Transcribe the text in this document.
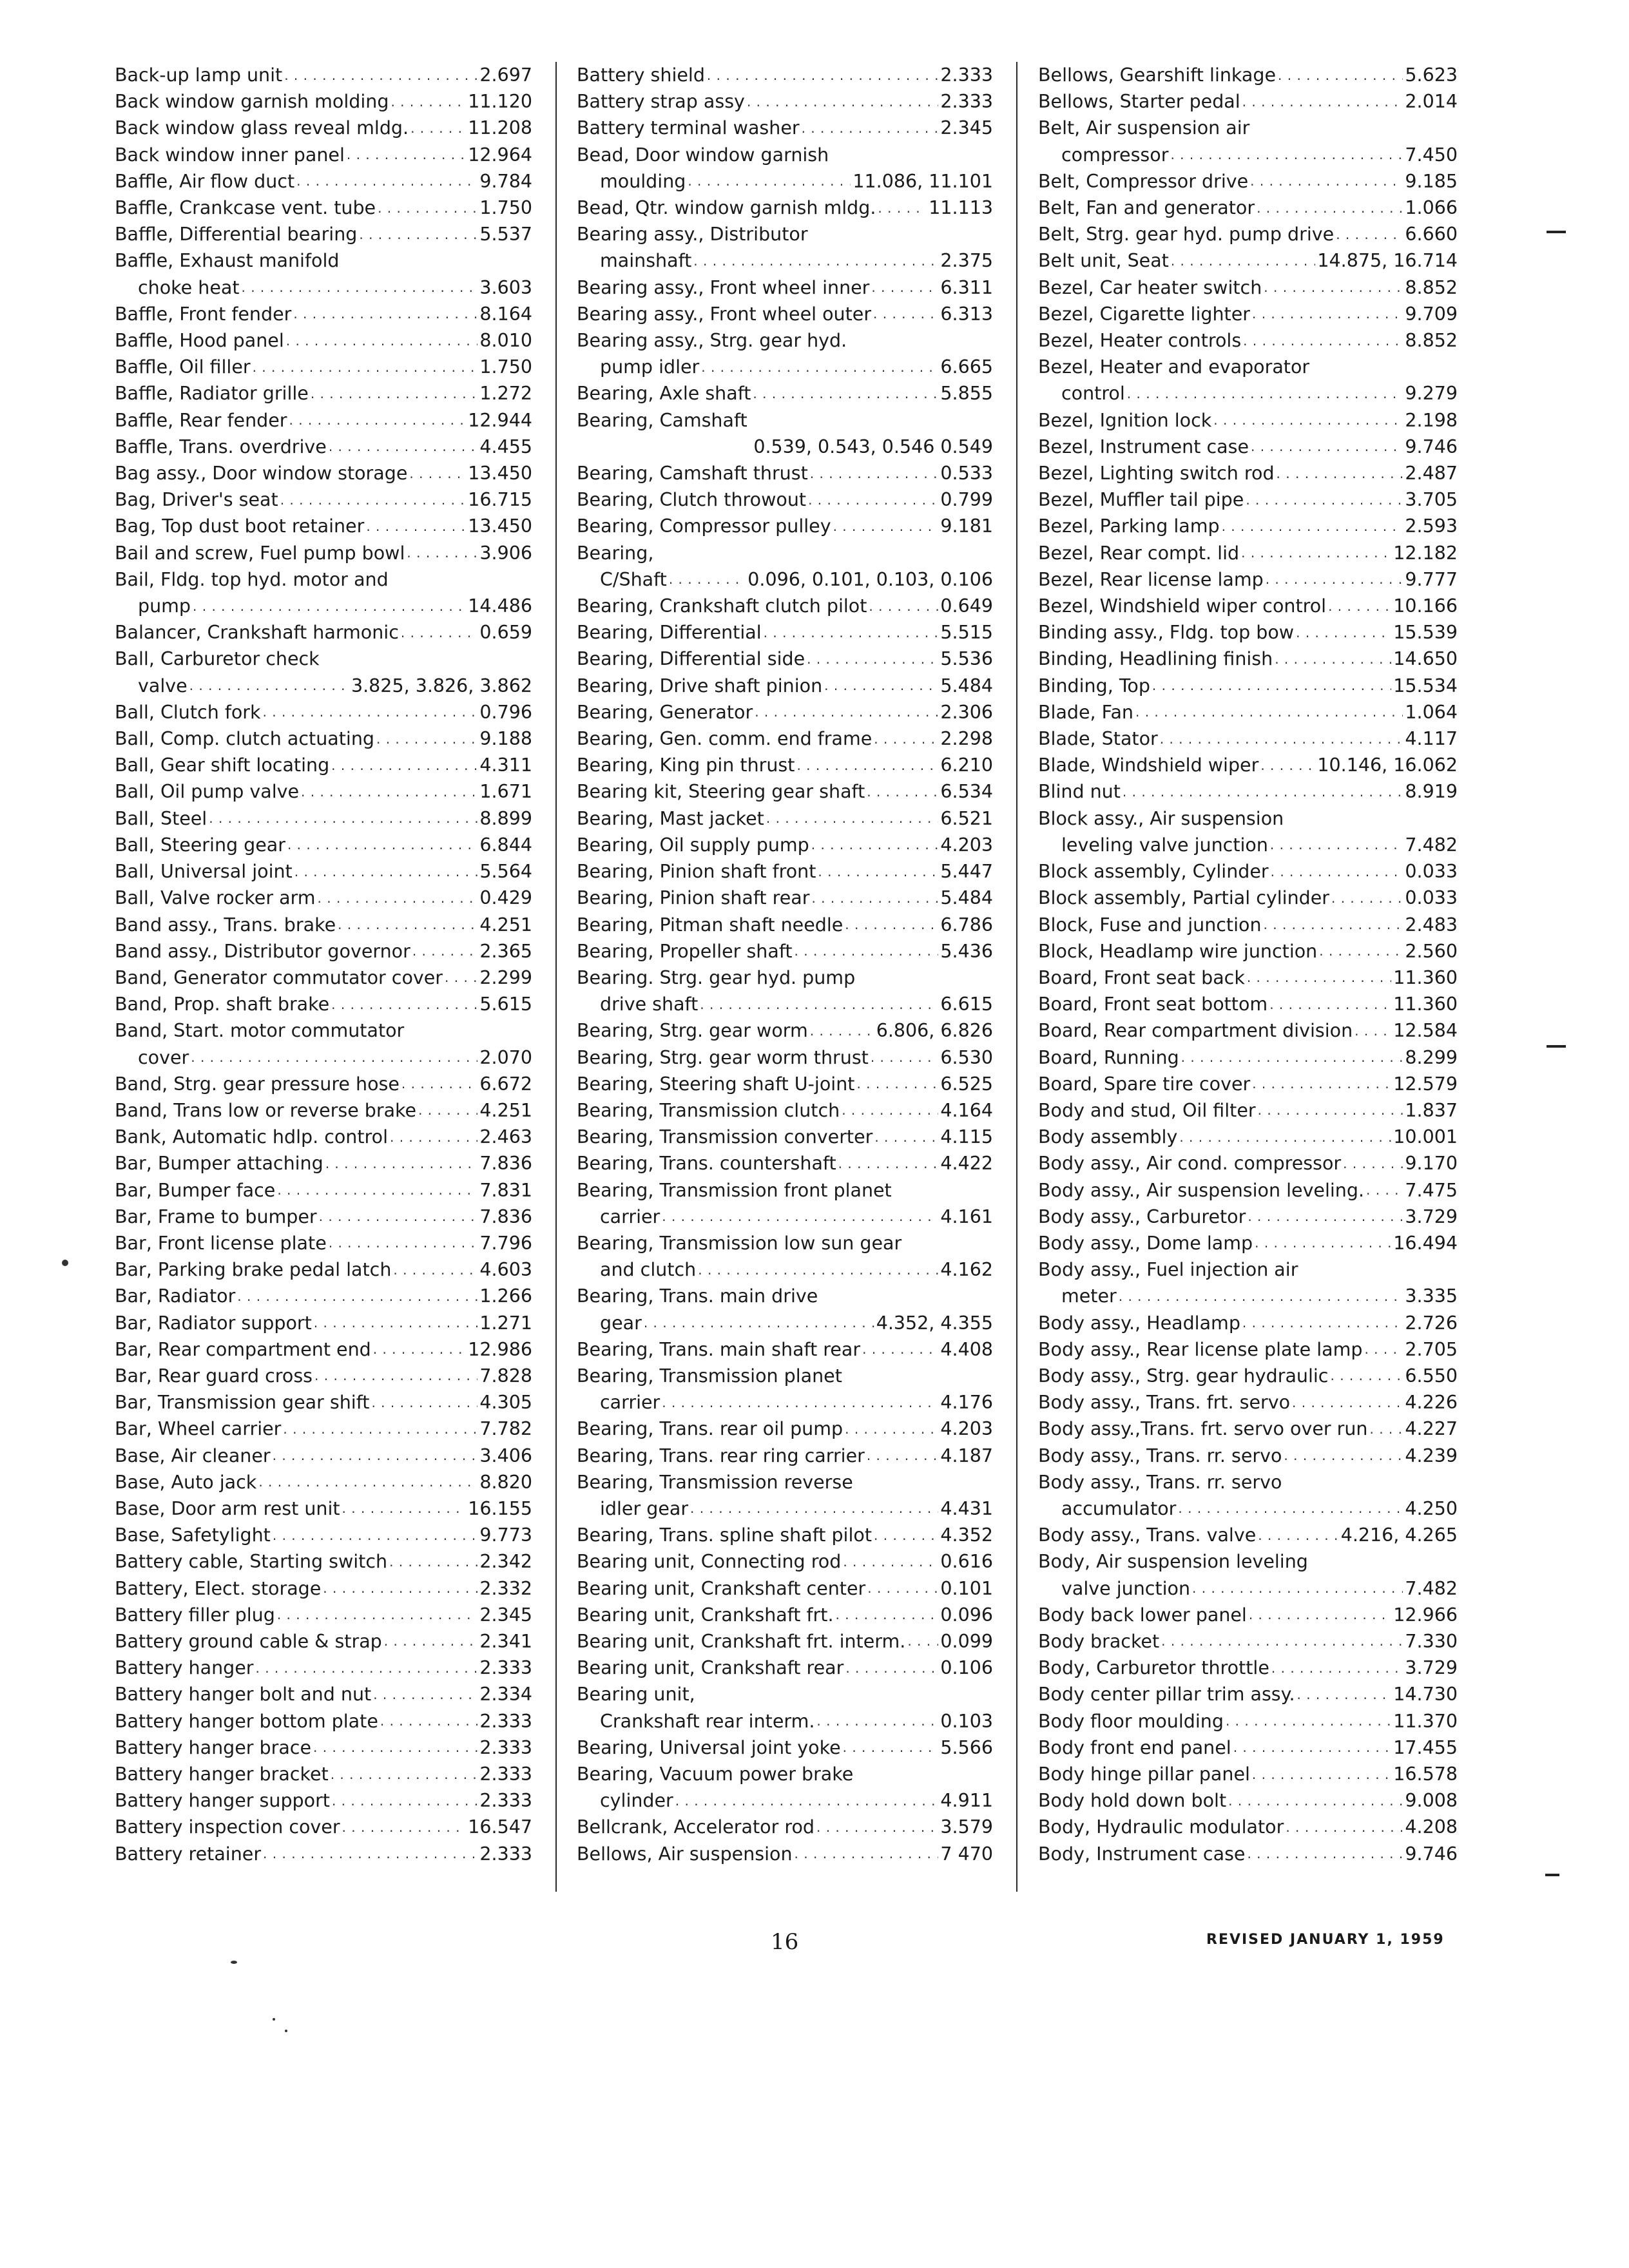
Back-up lamp unit . . .	2.697
Back window garnish molding . . .	11.120
Back window glass reveal mldg. . . .	11.208
Back window inner panel . . .	12.964
Baffle, Air flow duct . . .	9.784
Baffle, Crankcase vent. tube . . .	1.750
Baffle, Differential bearing . . .	5.537
Baffle, Exhaust manifold
choke heat . . .	3.603
Baffle, Front fender . . .	8.164
Baffle, Hood panel . . .	8.010
Baffle, Oil filler . . .	1.750
Baffle, Radiator grille . . .	1.272
Baffle, Rear fender . . .	12.944
Baffle, Trans. overdrive . . .	4.455
Bag assy., Door window storage . . .	13.450
Bag, Driver's seat . . .	16.715
Bag, Top dust boot retainer . . .	13.450
Bail and screw, Fuel pump bowl . . .	3.906
Bail, Fldg. top hyd. motor and
pump . . .	14.486
Balancer, Crankshaft harmonic . . .	0.659
Ball, Carburetor check
valve . . .	3.825, 3.826, 3.862
Ball, Clutch fork . . .	0.796
Ball, Comp. clutch actuating . . .	9.188
Ball, Gear shift locating . . .	4.311
Ball, Oil pump valve . . .	1.671
Ball, Steel . . .	8.899
Ball, Steering gear . . .	6.844
Ball, Universal joint . . .	5.564
Ball, Valve rocker arm . . .	0.429
Band assy., Trans. brake . . .	4.251
Band assy., Distributor governor . . .	2.365
Band, Generator commutator cover . . . 2.299
Band, Prop. shaft brake . . .	5.615
Band, Start. motor commutator
cover . . .	2.070
Band, Strg. gear pressure hose . . .	6.672
Band, Trans low or reverse brake . . .	4.251
Bank, Automatic hdlp. control . . .	2.463
Bar, Bumper attaching . . .	7.836
Bar, Bumper face . . .	7.831
Bar, Frame to bumper . . .	7.836
Bar, Front license plate . . .	7.796
Bar, Parking brake pedal latch . . .	4.603
Bar, Radiator . . .	1.266
Bar, Radiator support . . .	1.271
Bar, Rear compartment end . . .	12.986
Bar, Rear guard cross . . .	7.828
Bar, Transmission gear shift . . .	4.305
Bar, Wheel carrier . . .	7.782
Base, Air cleaner . . .	3.406
Base, Auto jack . . .	8.820
Base, Door arm rest unit . . .	16.155
Base, Safetylight . . .	9.773
Battery cable, Starting switch . . .	2.342
Battery, Elect. storage . . .	2.332
Battery filler plug . . .	2.345
Battery ground cable & strap . . .	2.341
Battery hanger . . .	2.333
Battery hanger bolt and nut . . .	2.334
Battery hanger bottom plate . . .	2.333
Battery hanger brace . . .	2.333
Battery hanger bracket . . .	2.333
Battery hanger support . . .	2.333
Battery inspection cover . . .	16.547
Battery retainer . . .	2.333
Battery shield . . .	2.333
Battery strap assy . . .	2.333
Battery terminal washer . . .	2.345
Bead, Door window garnish
moulding . . .	11.086, 11.101
Bead, Qtr. window garnish mldg. . . .	11.113
Bearing assy., Distributor
mainshaft . . .	2.375
Bearing assy., Front wheel inner . . .	6.311
Bearing assy., Front wheel outer . . .	6.313
Bearing assy., Strg. gear hyd.
pump idler . . .	6.665
Bearing, Axle shaft . . .	5.855
Bearing, Camshaft
0.539, 0.543, 0.546 0.549
Bearing, Camshaft thrust . . .	0.533
Bearing, Clutch throwout . . .	0.799
Bearing, Compressor pulley . . .	9.181
Bearing,
C/Shaft . . .	0.096, 0.101, 0.103, 0.106
Bearing, Crankshaft clutch pilot . . .	0.649
Bearing, Differential . . .	5.515
Bearing, Differential side . . .	5.536
Bearing, Drive shaft pinion . . .	5.484
Bearing, Generator . . .	2.306
Bearing, Gen. comm. end frame . . .	2.298
Bearing, King pin thrust . . .	6.210
Bearing kit, Steering gear shaft . . .	6.534
Bearing, Mast jacket . . .	6.521
Bearing, Oil supply pump . . .	4.203
Bearing, Pinion shaft front . . .	5.447
Bearing, Pinion shaft rear . . .	5.484
Bearing, Pitman shaft needle . . .	6.786
Bearing, Propeller shaft . . .	5.436
Bearing. Strg. gear hyd. pump
drive shaft . . .	6.615
Bearing, Strg. gear worm . . .	6.806, 6.826
Bearing, Strg. gear worm thrust . . .	6.530
Bearing, Steering shaft U-joint . . .	6.525
Bearing, Transmission clutch . . .	4.164
Bearing, Transmission converter . . .	4.115
Bearing, Trans. countershaft . . .	4.422
Bearing, Transmission front planet
carrier . . .	4.161
Bearing, Transmission low sun gear
and clutch . . .	4.162
Bearing, Trans. main drive
gear . . .	4.352, 4.355
Bearing, Trans. main shaft rear . . .	4.408
Bearing, Transmission planet
carrier . . .	4.176
Bearing, Trans. rear oil pump . . .	4.203
Bearing, Trans. rear ring carrier . . .	4.187
Bearing, Transmission reverse
idler gear . . .	4.431
Bearing, Trans. spline shaft pilot . . .	4.352
Bearing unit, Connecting rod . . .	0.616
Bearing unit, Crankshaft center . . .	0.101
Bearing unit, Crankshaft frt. . . .	0.096
Bearing unit, Crankshaft frt. interm. . . . 0.099
Bearing unit, Crankshaft rear . . .	0.106
Bearing unit,
Crankshaft rear interm. . . .	0.103
Bearing, Universal joint yoke . . .	5.566
Bearing, Vacuum power brake
cylinder . . .	4.911
Bellcrank, Accelerator rod . . .	3.579
Bellows, Air suspension . . .	7 470
Bellows, Gearshift linkage . . .	5.623
Bellows, Starter pedal . . .	2.014
Belt, Air suspension air
compressor . . .	7.450
Belt, Compressor drive . . .	9.185
Belt, Fan and generator . . .	1.066
Belt, Strg. gear hyd. pump drive . . .	6.660
Belt unit, Seat . . .	14.875, 16.714
Bezel, Car heater switch . . .	8.852
Bezel, Cigarette lighter . . .	9.709
Bezel, Heater controls . . .	8.852
Bezel, Heater and evaporator
control . . .	9.279
Bezel, Ignition lock . . .	2.198
Bezel, Instrument case . . .	9.746
Bezel, Lighting switch rod . . .	2.487
Bezel, Muffler tail pipe . . .	3.705
Bezel, Parking lamp . . .	2.593
Bezel, Rear compt. lid . . .	12.182
Bezel, Rear license lamp . . .	9.777
Bezel, Windshield wiper control . . .	10.166
Binding assy., Fldg. top bow . . .	15.539
Binding, Headlining finish . . .	14.650
Binding, Top . . .	15.534
Blade, Fan . . .	1.064
Blade, Stator . . .	4.117
Blade, Windshield wiper . . .	10.146, 16.062
Blind nut . . .	8.919
Block assy., Air suspension
leveling valve junction . . .	7.482
Block assembly, Cylinder . . .	0.033
Block assembly, Partial cylinder . . .	0.033
Block, Fuse and junction . . .	2.483
Block, Headlamp wire junction . . .	2.560
Board, Front seat back . . .	11.360
Board, Front seat bottom . . .	11.360
Board, Rear compartment division . . . 12.584
Board, Running . . .	8.299
Board, Spare tire cover . . .	12.579
Body and stud, Oil filter . . .	1.837
Body assembly . . .	10.001
Body assy., Air cond. compressor . . .	9.170
Body assy., Air suspension leveling. . . . 7.475
Body assy., Carburetor . . .	3.729
Body assy., Dome lamp . . .	16.494
Body assy., Fuel injection air
meter . . .	3.335
Body assy., Headlamp . . .	2.726
Body assy., Rear license plate lamp . . . 2.705
Body assy., Strg. gear hydraulic . . .	6.550
Body assy., Trans. frt. servo . . .	4.226
Body assy.,Trans. frt. servo over run . . . 4.227
Body assy., Trans. rr. servo . . .	4.239
Body assy., Trans. rr. servo
accumulator . . .	4.250
Body assy., Trans. valve . . .	4.216, 4.265
Body, Air suspension leveling
valve junction . . .	7.482
Body back lower panel . . .	12.966
Body bracket . . .	7.330
Body, Carburetor throttle . . .	3.729
Body center pillar trim assy. . . .	14.730
Body floor moulding . . .	11.370
Body front end panel . . .	17.455
Body hinge pillar panel . . .	16.578
Body hold down bolt . . .	9.008
Body, Hydraulic modulator . . .	4.208
Body, Instrument case . . .	9.746
16	REVISED JANUARY 1, 1959
